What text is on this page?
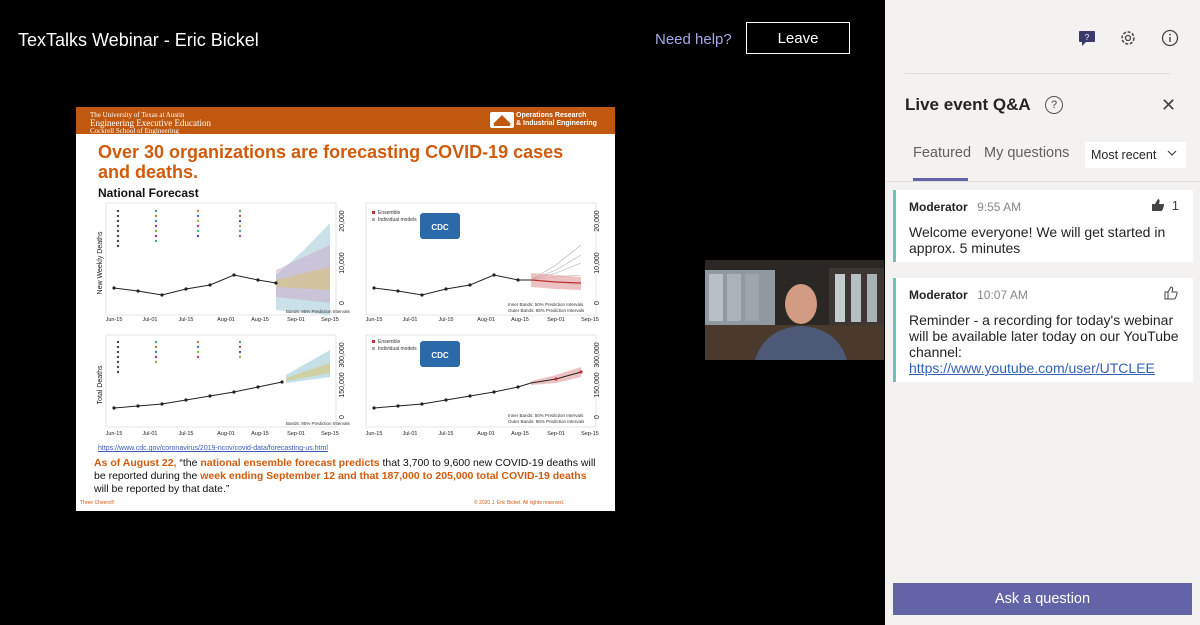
TexTalks Webinar - Eric Bickel	Need help?	Leave
The University of Texas at Austin
Engineering Executive Education
Cockrell School of Engineering
Operations Research
& Industrial Engineering
Over 30 organizations are forecasting COVID-19 cases and deaths.
Bands: 95% Prediction Intervals
Ensemble
Individual models
CDC
Inner Bands: 50% Prediction Intervals
Outer Bands: 95% Prediction Intervals
Bands: 95% Prediction Intervals
Ensemble
Individual models
CDC
Inner Bands: 50% Prediction Intervals
Outer Bands: 95% Prediction Intervals
New Weekly Deaths
Total Deaths
20,000
10,000
0
20,000
10,000
0
300,000
150,000
0
300,000
150,000
0
Jun-15	Jul-01	Jul-15	Aug-01	Aug-15	Sep-01	Sep-15	Jun-15	Jul-01	Jul-15	Aug-01	Aug-15	Sep-01	Sep-15
Jun-15	Jul-01	Jul-15	Aug-01	Aug-15	Sep-01	Sep-15	Jun-15	Jul-01	Jul-15	Aug-01	Aug-15	Sep-01	Sep-15
National Forecast
https://www.cdc.gov/coronavirus/2019-ncov/covid-data/forecasting-us.html
As of August 22, “the national ensemble forecast predicts that 3,700 to 9,600 new COVID-19 deaths will be reported during the week ending September 12 and that 187,000 to 205,000 total COVID-19 deaths will be reported by that date.”
Three Cheers®	© 2020 J. Eric Bickel. All rights reserved.
?
Live event Q&A	?	✕
Featured My questions Most recent
Moderator 9:55 AM	1
Welcome everyone! We will get started in approx. 5 minutes
Moderator 10:07 AM
Reminder - a recording for today's webinar will be available later today on our YouTube channel: https://www.youtube.com/user/UTCLEE
Ask a question
